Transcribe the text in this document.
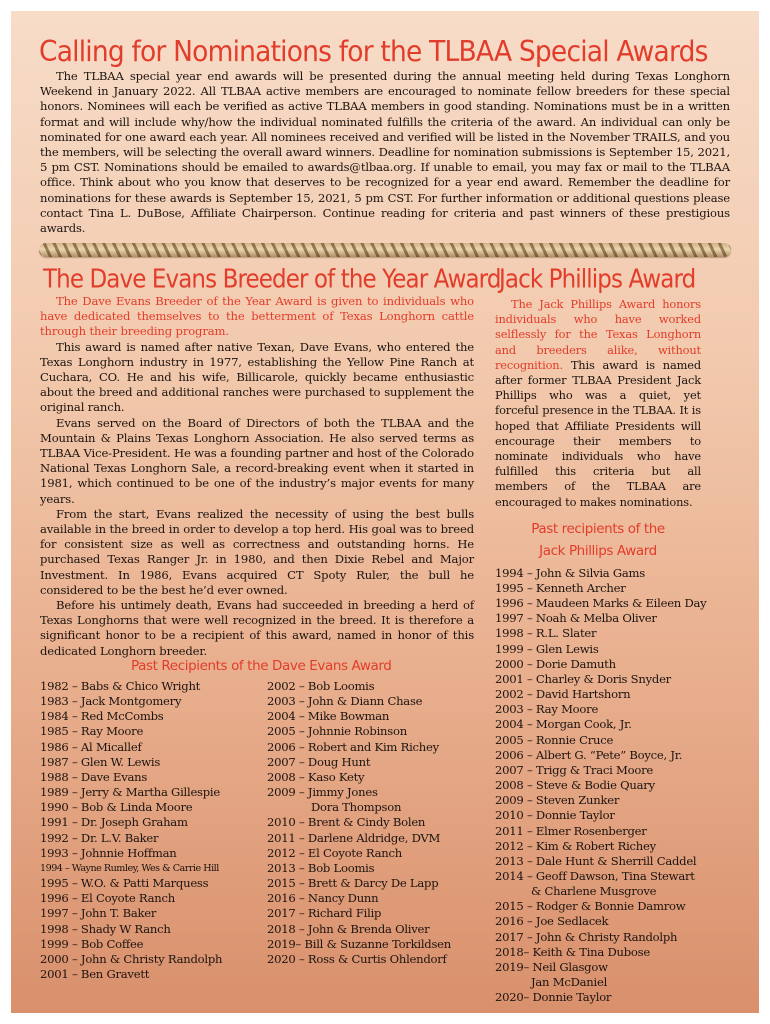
Calling for Nominations for the TLBAA Special Awards

The TLBAA special year end awards will be presented during the annual meeting held during Texas Longhorn Weekend in January 2022. All TLBAA active members are encouraged to nominate fellow breeders for these special honors. Nominees will each be verified as active TLBAA members in good standing. Nominations must be in a written format and will include why/how the individual nominated fulfills the criteria of the award. An individual can only be nominated for one award each year. All nominees received and verified will be listed in the November TRAILS, and you the members, will be selecting the overall award winners. Deadline for nomination submissions is September 15, 2021, 5 pm CST. Nominations should be emailed to awards@tlbaa.org. If unable to email, you may fax or mail to the TLBAA office. Think about who you know that deserves to be recognized for a year end award. Remember the deadline for nominations for these awards is September 15, 2021, 5 pm CST. For further information or additional questions please contact Tina L. DuBose, Affiliate Chairperson. Continue reading for criteria and past winners of these prestigious awards.

The Dave Evans Breeder of the Year Award

The Dave Evans Breeder of the Year Award is given to individuals who have dedicated themselves to the betterment of Texas Longhorn cattle through their breeding program.

This award is named after native Texan, Dave Evans, who entered the Texas Longhorn industry in 1977, establishing the Yellow Pine Ranch at Cuchara, CO. He and his wife, Billicarole, quickly became enthusiastic about the breed and additional ranches were purchased to supplement the original ranch.

Evans served on the Board of Directors of both the TLBAA and the Mountain & Plains Texas Longhorn Association. He also served terms as TLBAA Vice-President. He was a founding partner and host of the Colorado National Texas Longhorn Sale, a record-breaking event when it started in 1981, which continued to be one of the industry’s major events for many years.

From the start, Evans realized the necessity of using the best bulls available in the breed in order to develop a top herd. His goal was to breed for consistent size as well as correctness and outstanding horns. He purchased Texas Ranger Jr. in 1980, and then Dixie Rebel and Major Investment. In 1986, Evans acquired CT Spoty Ruler, the bull he considered to be the best he’d ever owned.

Before his untimely death, Evans had succeeded in breeding a herd of Texas Longhorns that were well recognized in the breed. It is therefore a significant honor to be a recipient of this award, named in honor of this dedicated Longhorn breeder.

Past Recipients of the Dave Evans Award
1982 – Babs & Chico Wright
1983 – Jack Montgomery
1984 – Red McCombs
1985 – Ray Moore
1986 – Al Micallef
1987 – Glen W. Lewis
1988 – Dave Evans
1989 – Jerry & Martha Gillespie
1990 – Bob & Linda Moore
1991 – Dr. Joseph Graham
1992 – Dr. L.V. Baker
1993 – Johnnie Hoffman
1994 – Wayne Rumley, Wes & Carrie Hill
1995 – W.O. & Patti Marquess
1996 – El Coyote Ranch
1997 – John T. Baker
1998 – Shady W Ranch
1999 – Bob Coffee
2000 – John & Christy Randolph
2001 – Ben Gravett
2002 – Bob Loomis
2003 – John & Diann Chase
2004 – Mike Bowman
2005 – Johnnie Robinson
2006 – Robert and Kim Richey
2007 – Doug Hunt
2008 – Kaso Kety
2009 – Jimmy Jones
Dora Thompson
2010 – Brent & Cindy Bolen
2011 – Darlene Aldridge, DVM
2012 – El Coyote Ranch
2013 – Bob Loomis
2015 – Brett & Darcy De Lapp
2016 – Nancy Dunn
2017 – Richard Filip
2018 – John & Brenda Oliver
2019– Bill & Suzanne Torkildsen
2020 – Ross & Curtis Ohlendorf
Jack Phillips Award

The Jack Phillips Award honors individuals who have worked selflessly for the Texas Longhorn and breeders alike, without recognition. This award is named after former TLBAA President Jack Phillips who was a quiet, yet forceful presence in the TLBAA. It is hoped that Affiliate Presidents will encourage their members to nominate individuals who have fulfilled this criteria but all members of the TLBAA are encouraged to makes nominations.

Past recipients of the
Jack Phillips Award
1994 – John & Silvia Gams
1995 – Kenneth Archer
1996 – Maudeen Marks & Eileen Day
1997 – Noah & Melba Oliver
1998 – R.L. Slater
1999 – Glen Lewis
2000 – Dorie Damuth
2001 – Charley & Doris Snyder
2002 – David Hartshorn
2003 – Ray Moore
2004 – Morgan Cook, Jr.
2005 – Ronnie Cruce
2006 – Albert G. “Pete” Boyce, Jr.
2007 – Trigg & Traci Moore
2008 – Steve & Bodie Quary
2009 – Steven Zunker
2010 – Donnie Taylor
2011 – Elmer Rosenberger
2012 – Kim & Robert Richey
2013 – Dale Hunt & Sherrill Caddel
2014 – Geoff Dawson, Tina Stewart
& Charlene Musgrove
2015 – Rodger & Bonnie Damrow
2016 – Joe Sedlacek
2017 – John & Christy Randolph
2018– Keith & Tina Dubose
2019– Neil Glasgow
Jan McDaniel
2020– Donnie Taylor
